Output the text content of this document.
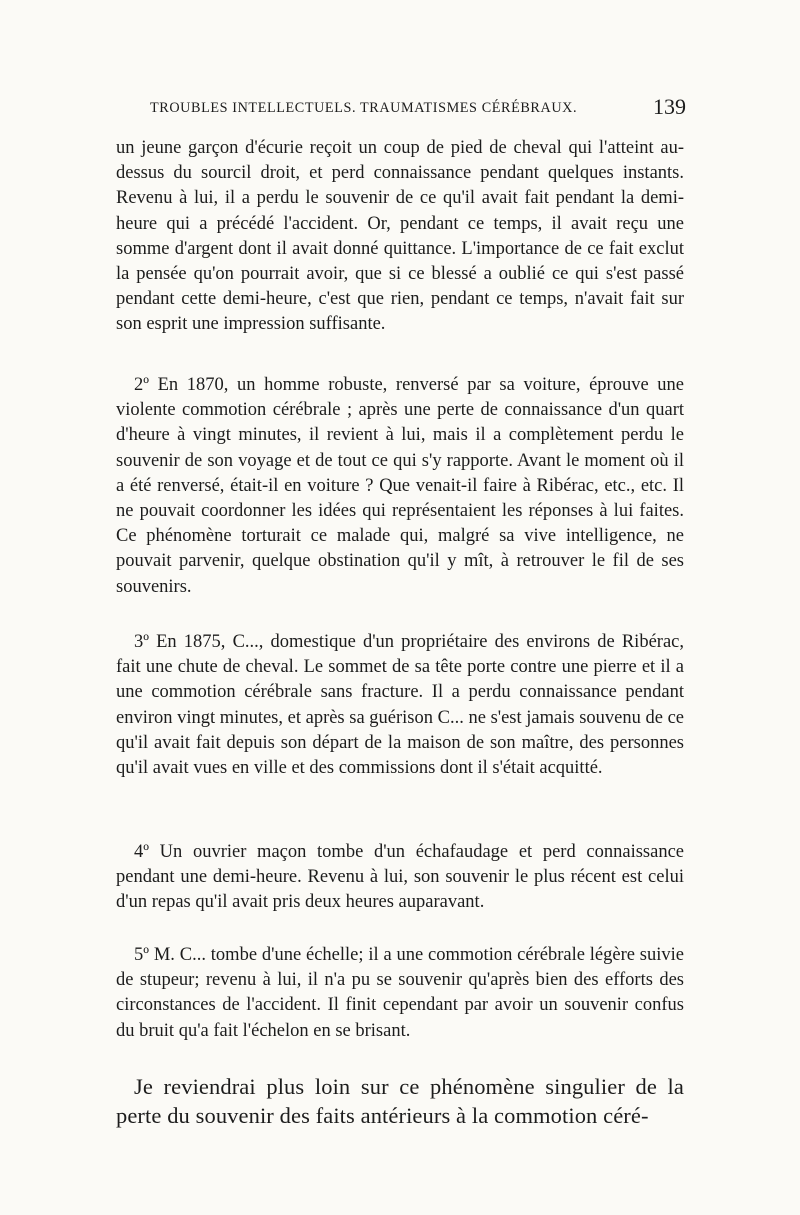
TROUBLES INTELLECTUELS. TRAUMATISMES CÉRÉBRAUX.	139

un jeune garçon d'écurie reçoit un coup de pied de cheval qui l'atteint au-dessus du sourcil droit, et perd connaissance pendant quelques instants. Revenu à lui, il a perdu le souvenir de ce qu'il avait fait pendant la demi-heure qui a précédé l'accident. Or, pendant ce temps, il avait reçu une somme d'argent dont il avait donné quittance. L'importance de ce fait exclut la pensée qu'on pourrait avoir, que si ce blessé a oublié ce qui s'est passé pendant cette demi-heure, c'est que rien, pendant ce temps, n'avait fait sur son esprit une impression suffisante.

2º En 1870, un homme robuste, renversé par sa voiture, éprouve une violente commotion cérébrale ; après une perte de connaissance d'un quart d'heure à vingt minutes, il revient à lui, mais il a complètement perdu le souvenir de son voyage et de tout ce qui s'y rapporte. Avant le moment où il a été renversé, était-il en voiture ? Que venait-il faire à Ribérac, etc., etc. Il ne pouvait coordonner les idées qui représentaient les réponses à lui faites. Ce phénomène torturait ce malade qui, malgré sa vive intelligence, ne pouvait parvenir, quelque obstination qu'il y mît, à retrouver le fil de ses souvenirs.

3º En 1875, C..., domestique d'un propriétaire des environs de Ribérac, fait une chute de cheval. Le sommet de sa tête porte contre une pierre et il a une commotion cérébrale sans fracture. Il a perdu connaissance pendant environ vingt minutes, et après sa guérison C... ne s'est jamais souvenu de ce qu'il avait fait depuis son départ de la maison de son maître, des personnes qu'il avait vues en ville et des commissions dont il s'était acquitté.

4º Un ouvrier maçon tombe d'un échafaudage et perd connaissance pendant une demi-heure. Revenu à lui, son souvenir le plus récent est celui d'un repas qu'il avait pris deux heures auparavant.

5º M. C... tombe d'une échelle; il a une commotion cérébrale légère suivie de stupeur; revenu à lui, il n'a pu se souvenir qu'après bien des efforts des circonstances de l'accident. Il finit cependant par avoir un souvenir confus du bruit qu'a fait l'échelon en se brisant.

Je reviendrai plus loin sur ce phénomène singulier de la perte du souvenir des faits antérieurs à la commotion céré-
